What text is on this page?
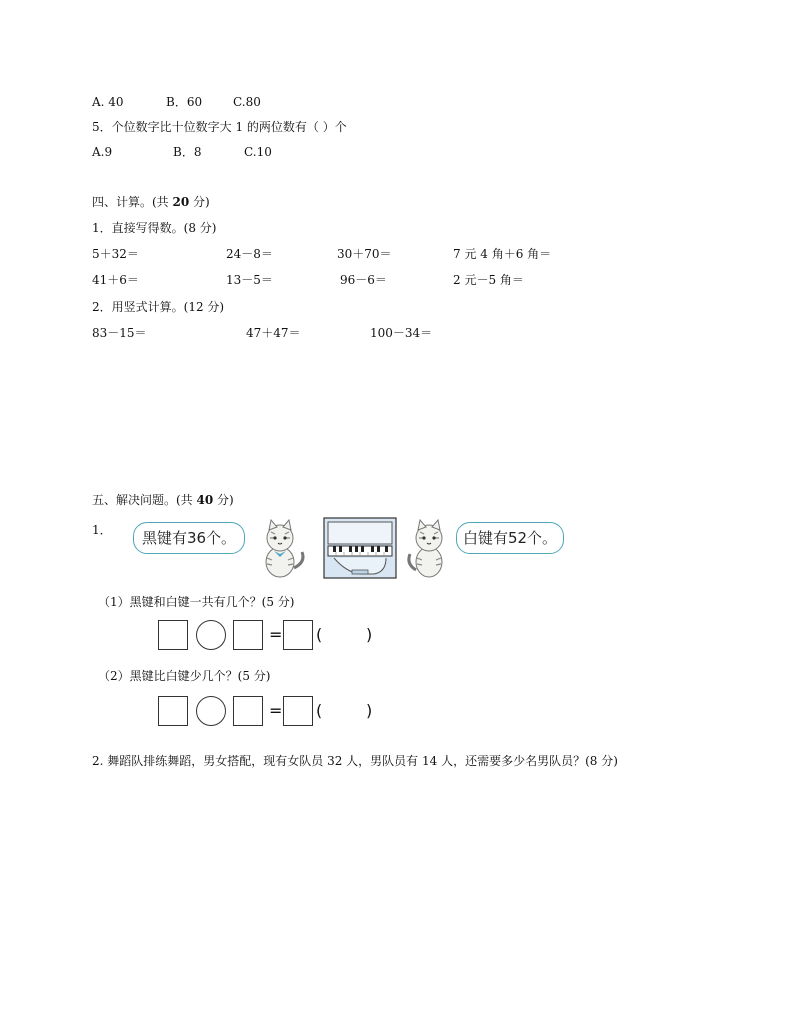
A. 40	B．60	C.80
5．个位数字比十位数字大 1 的两位数有（ ）个
A.9	B．8	C.10
四、计算。(共 20 分)
1．直接写得数。(8 分)
5＋32＝	24－8＝	30＋70＝	7 元 4 角＋6 角＝
41＋6＝	13－5＝	96－6＝	2 元－5 角＝
2．用竖式计算。(12 分)
83－15＝	47＋47＝	100－34＝
五、解决问题。(共 40 分)
1．	黑键有36个。	白键有52个。
（1）黑键和白键一共有几个？(5 分)
= (	)
（2）黑键比白键少几个？(5 分)
= (	)
2. 舞蹈队排练舞蹈，男女搭配，现有女队员 32 人，男队员有 14 人，还需要多少名男队员？(8 分)
